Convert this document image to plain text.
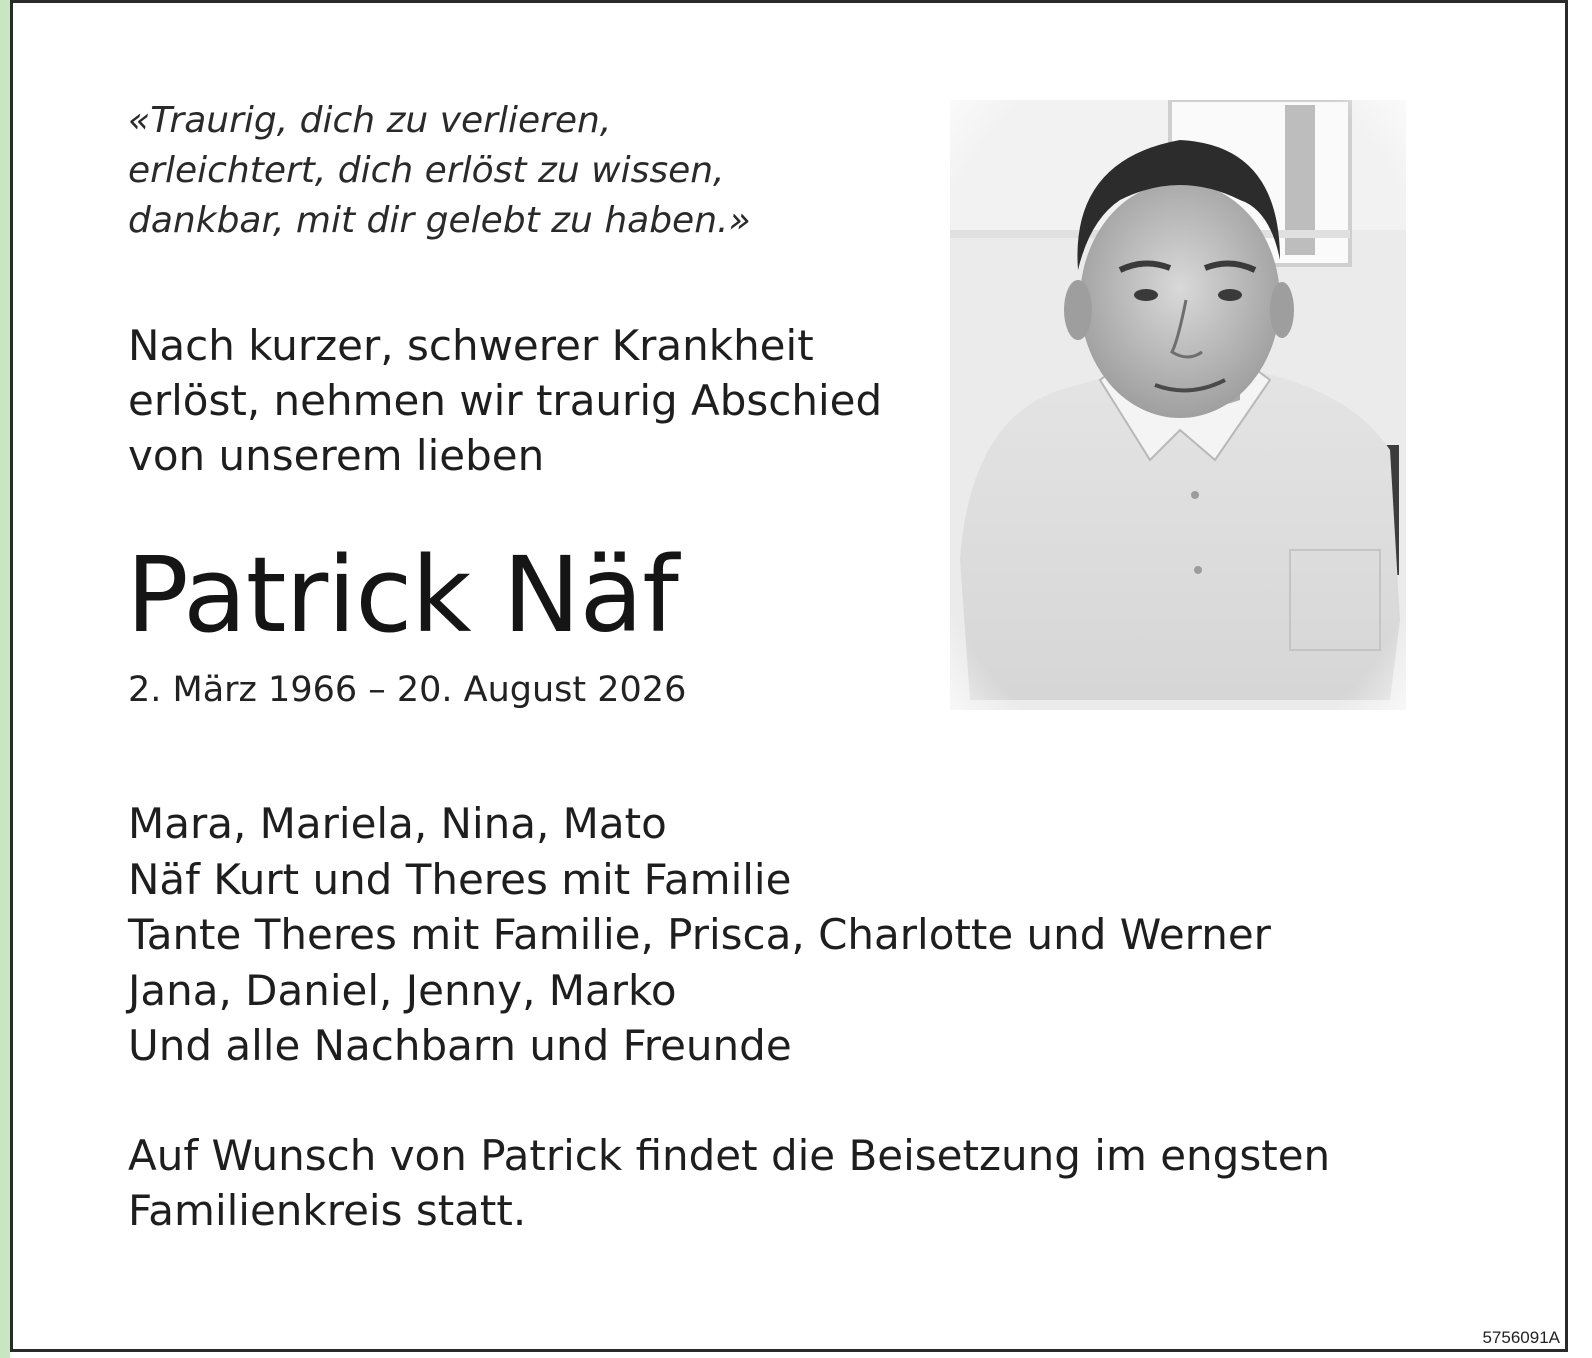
«Traurig, dich zu verlieren,
erleichtert, dich erlöst zu wissen,
dankbar, mit dir gelebt zu haben.»
Nach kurzer, schwerer Krankheit
erlöst, nehmen wir traurig Abschied
von unserem lieben
Patrick Näf
2. März 1966 – 20. August 2026
Mara, Mariela, Nina, Mato
Näf Kurt und Theres mit Familie
Tante Theres mit Familie, Prisca, Charlotte und Werner
Jana, Daniel, Jenny, Marko
Und alle Nachbarn und Freunde
Auf Wunsch von Patrick findet die Beisetzung im engsten
Familienkreis statt.
5756091A
